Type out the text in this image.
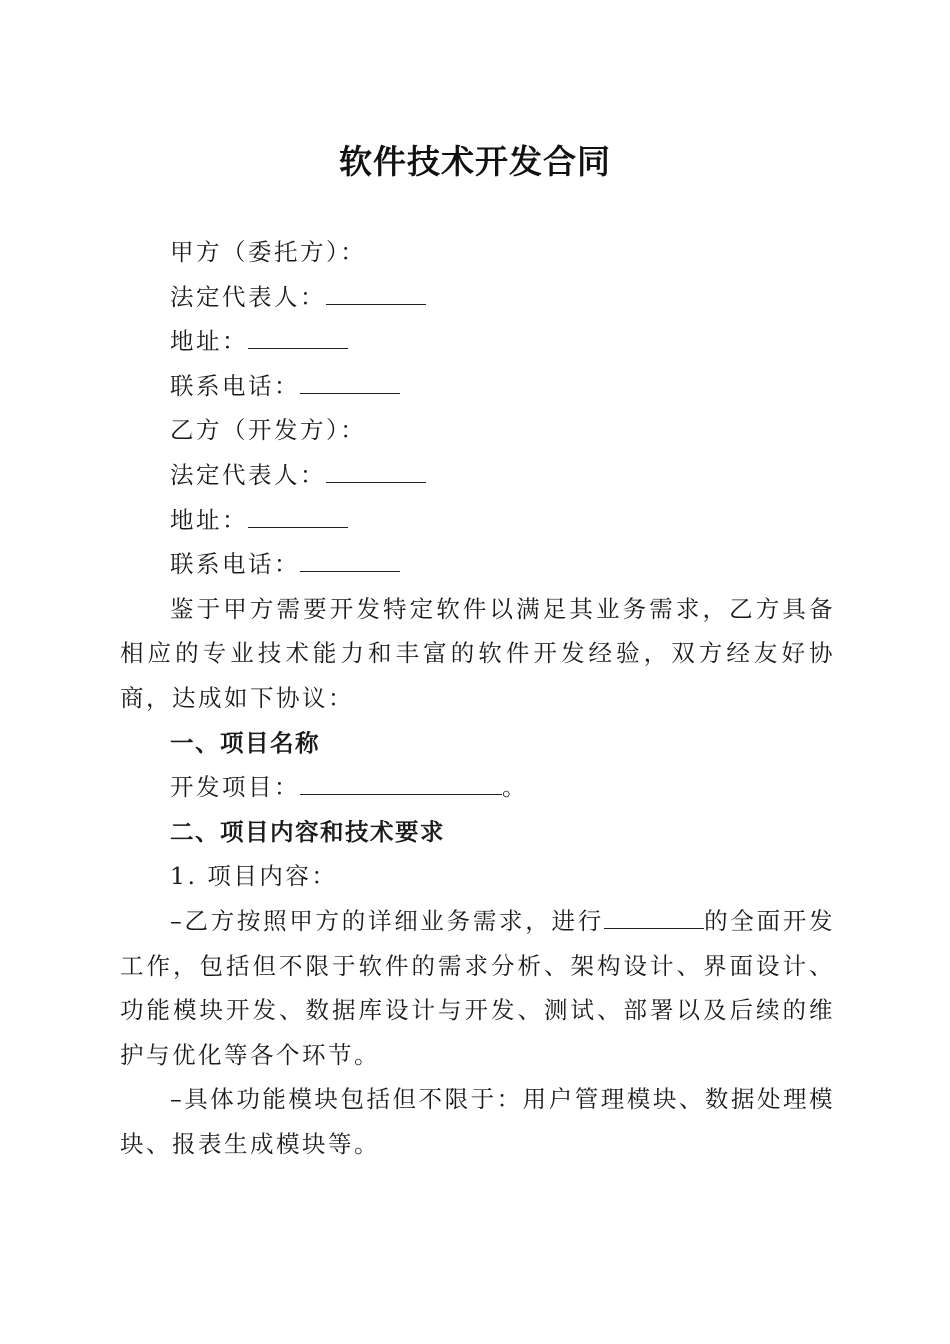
软件技术开发合同

甲方（委托方）：

法定代表人：

地址：

联系电话：

乙方（开发方）：

法定代表人：

地址：

联系电话：

鉴于甲方需要开发特定软件以满足其业务需求，乙方具备相应的专业技术能力和丰富的软件开发经验，双方经友好协商，达成如下协议：

一、项目名称

开发项目：	。

二、项目内容和技术要求

1. 项目内容：

–乙方按照甲方的详细业务需求，进行	的全面开发工作，包括但不限于软件的需求分析、架构设计、界面设计、功能模块开发、数据库设计与开发、测试、部署以及后续的维护与优化等各个环节。

–具体功能模块包括但不限于：用户管理模块、数据处理模块、报表生成模块等。
